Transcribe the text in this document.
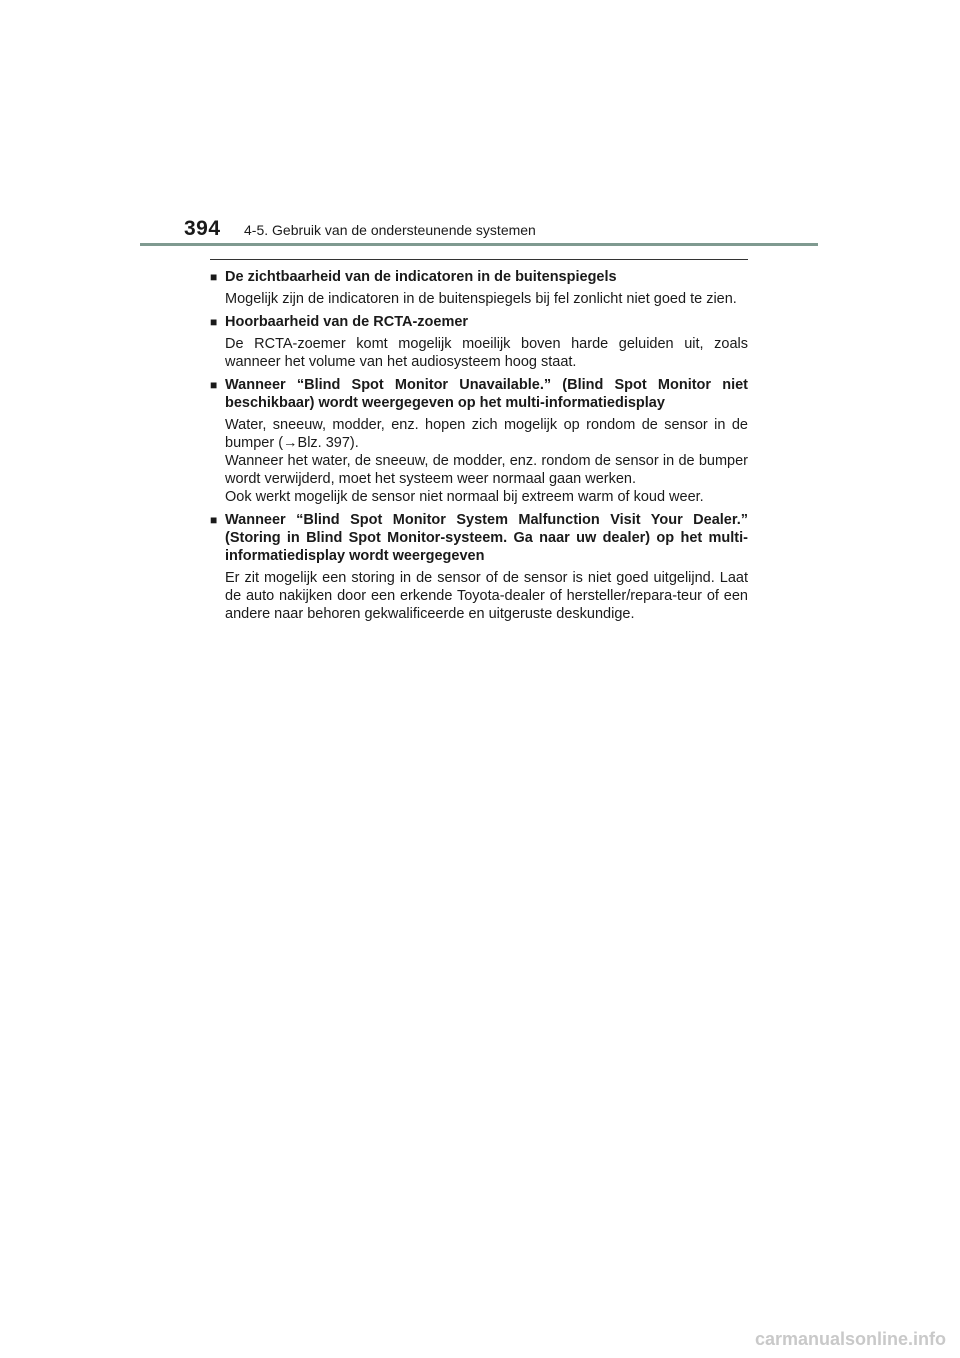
394 4-5. Gebruik van de ondersteunende systemen
■ De zichtbaarheid van de indicatoren in de buitenspiegels

Mogelijk zijn de indicatoren in de buitenspiegels bij fel zonlicht niet goed te zien.

■ Hoorbaarheid van de RCTA-zoemer

De RCTA-zoemer komt mogelijk moeilijk boven harde geluiden uit, zoals wanneer het volume van het audiosysteem hoog staat.

■ Wanneer “Blind Spot Monitor Unavailable.” (Blind Spot Monitor niet beschikbaar) wordt weergegeven op het multi-informatiedisplay

Water, sneeuw, modder, enz. hopen zich mogelijk op rondom de sensor in de bumper (→Blz. 397).

Wanneer het water, de sneeuw, de modder, enz. rondom de sensor in de bumper wordt verwijderd, moet het systeem weer normaal gaan werken.

Ook werkt mogelijk de sensor niet normaal bij extreem warm of koud weer.

■ Wanneer “Blind Spot Monitor System Malfunction Visit Your Dealer.” (Storing in Blind Spot Monitor-systeem. Ga naar uw dealer) op het multi-informatiedisplay wordt weergegeven

Er zit mogelijk een storing in de sensor of de sensor is niet goed uitgelijnd. Laat de auto nakijken door een erkende Toyota-dealer of hersteller/repara-teur of een andere naar behoren gekwalificeerde en uitgeruste deskundige.

carmanualsonline.info
